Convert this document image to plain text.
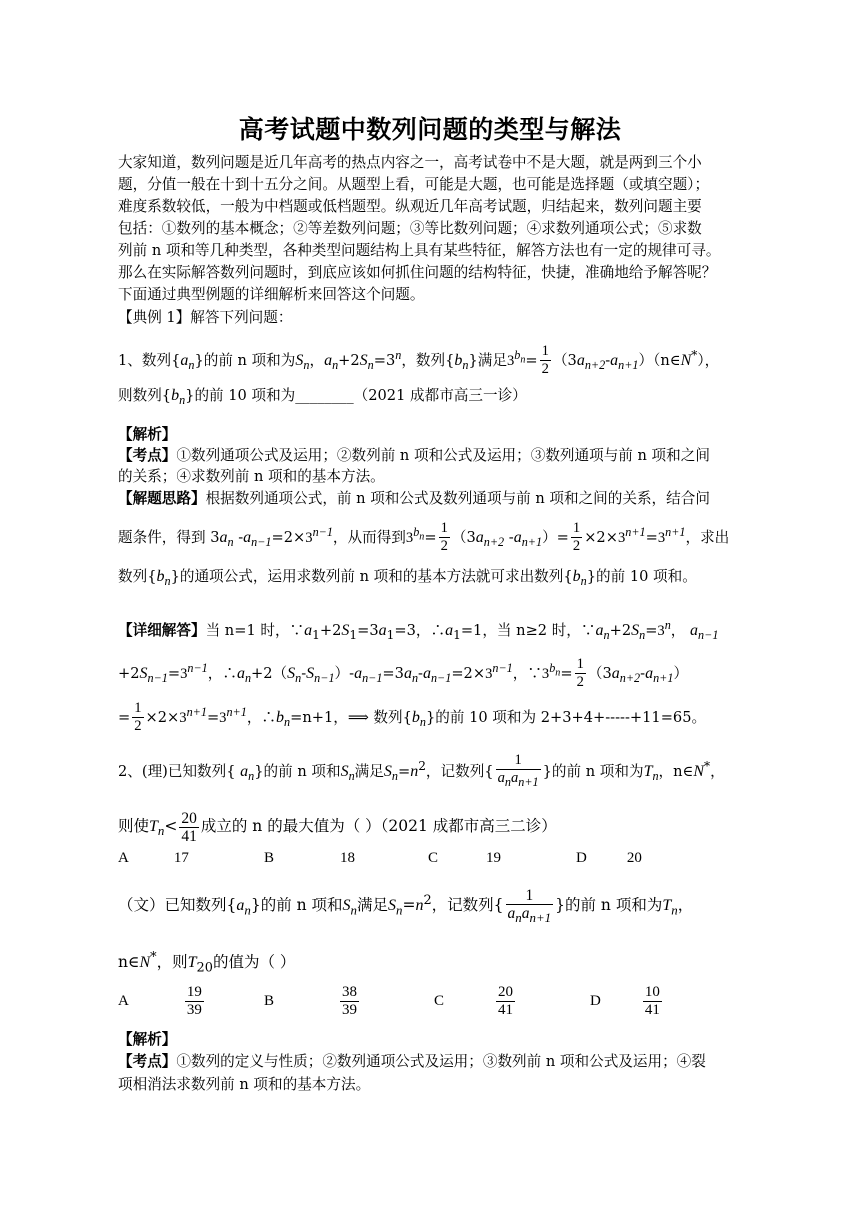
高考试题中数列问题的类型与解法
大家知道，数列问题是近几年高考的热点内容之一，高考试卷中不是大题，就是两到三个小
题，分值一般在十到十五分之间。从题型上看，可能是大题，也可能是选择题（或填空题）；
难度系数较低，一般为中档题或低档题型。纵观近几年高考试题，归结起来，数列问题主要
包括：①数列的基本概念；②等差数列问题；③等比数列问题；④求数列通项公式；⑤求数
列前 n 项和等几种类型，各种类型问题结构上具有某些特征，解答方法也有一定的规律可寻。
那么在实际解答数列问题时，到底应该如何抓住问题的结构特征，快捷，准确地给予解答呢？
下面通过典型例题的详细解析来回答这个问题。
【典例 1】解答下列问题：
1、数列$\{a_n\}$的前 n 项和为$S_n$，$a_n+2S_n=3^n$，数列$\{b_n\}$满足$3^{b_n}= \frac{1}{2}$ $(3a_{n+2}-a_{n+1})(n\in N^*)$，
则数列$\{b_n\}$的前 10 项和为________（2021 成都市高三一诊）
【解析】
【考点】①数列通项公式及运用；②数列前 n 项和公式及运用；③数列通项与前 n 项和之间
的关系；④求数列前 n 项和的基本方法。
【解题思路】根据数列通项公式，前 n 项和公式及数列通项与前 n 项和之间的关系，结合问
题条件，得到 $3a_n$ $-a_{n-1}=2\times 3^{n-1}$，从而得到$3^{b_n}= \frac{1}{2} (3a_{n+2}$ $-a_{n+1})= \frac{1}{2} \times 2\times 3^{n+1}=3^{n+1}$，求出
数列$\{b_n\}$的通项公式，运用求数列前 n 项和的基本方法就可求出数列$\{b_n\}$的前 10 项和。
【详细解答】当 n=1 时，$\because a_1+2S_1=3a_1=3$，$\therefore a_1=1$，当 n≥2 时，$\because a_n+2S_n=3^n$， $a_{n-1}$
$+2S_{n-1}=3^{n-1}$，$\therefore a_n+2(S_n-S_{n-1})-a_{n-1}=3a_n-a_{n-1}=2\times 3^{n-1}$，$\because 3^{b_n}= \frac{1}{2} (3a_{n+2}-a_{n+1})$
= $\frac{1}{2} \times 2\times 3^{n+1}=3^{n+1}$，$\therefore b_n=n+1$，⟹ 数列$\{b_n\}$的前 10 项和为 2+3+4+-----+11=65。
2、(理)已知数列{ $a_n$}的前 n 项和$S_n$满足$S_n=n^2$，记数列{ $\frac{1}{a_na_{n+1}}$ }的前 n 项和为$T_n$，n∈N*，
则使$T_n< \frac{20}{41}$ 成立的 n 的最大值为（ ）（2021 成都市高三二诊）
A	17	B	18	C	19	D	20
（文）已知数列$\{a_n\}$的前 n 项和$S_n$满足$S_n=n^2$，记数列{ $\frac{1}{a_na_{n+1}}$ }的前 n 项和为$T_n$，
n∈N*，则$T_{20}$的值为（ ）
A	$\frac{19}{39}$	B	$\frac{38}{39}$	C	$\frac{20}{41}$	D	$\frac{10}{41}$
【解析】
【考点】①数列的定义与性质；②数列通项公式及运用；③数列前 n 项和公式及运用；④裂
项相消法求数列前 n 项和的基本方法。
